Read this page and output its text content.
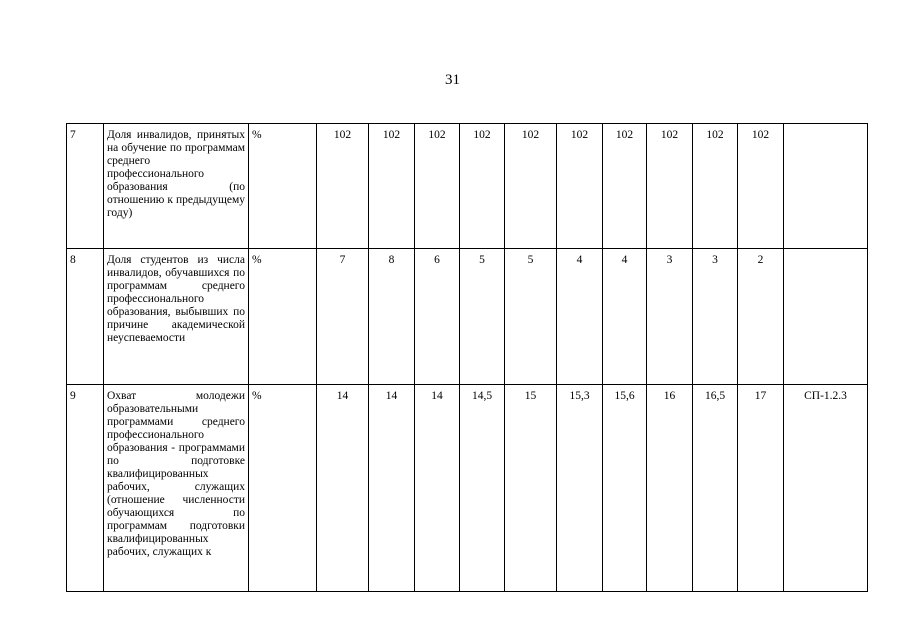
31
7	Доля инвалидов, принятых на обучение по программам среднего профессионального образования (по отношению к предыдущему году)	%	102	102	102	102	102	102	102	102	102	102	
8	Доля студентов из числа инвалидов, обучавшихся по программам среднего профессионального образования, выбывших по причине академической неуспеваемости	%	7	8	6	5	5	4	4	3	3	2	
9	Охват молодежи образовательными программами среднего профессионального образования - программами по подготовке квалифицированных рабочих, служащих (отношение численности обучающихся по программам подготовки квалифицированных рабочих, служащих к	%	14	14	14	14,5	15	15,3	15,6	16	16,5	17	СП-1.2.3
